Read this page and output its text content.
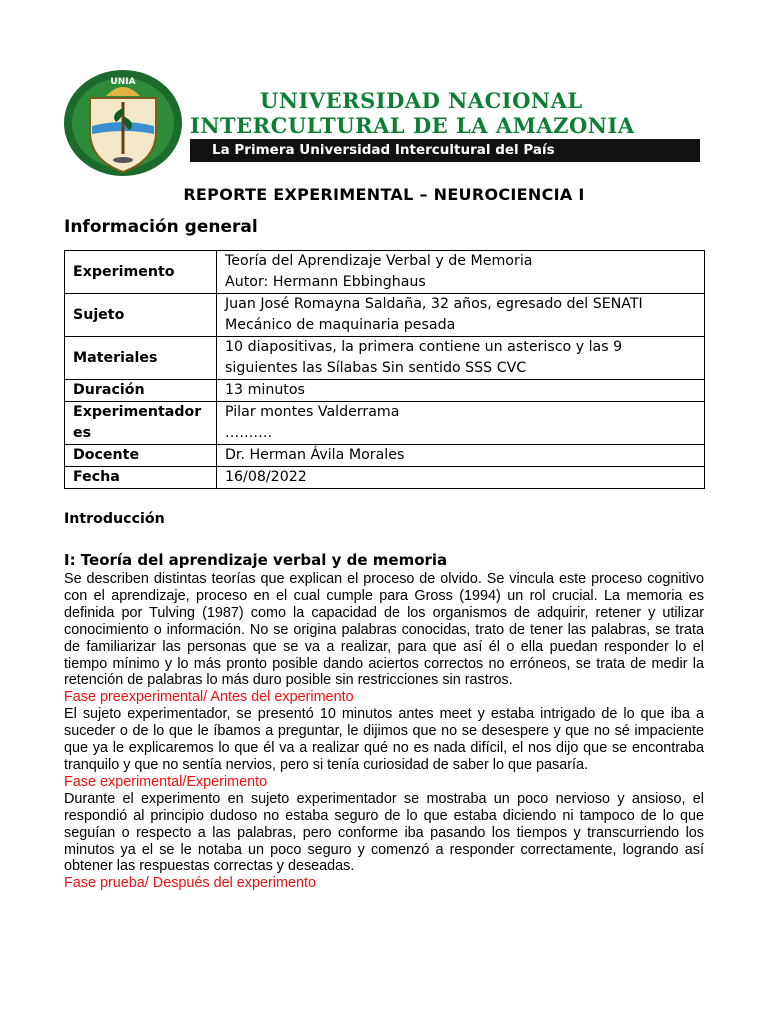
UNIA
UNIVERSIDAD NACIONAL
INTERCULTURAL DE LA AMAZONIA
La Primera Universidad Intercultural del País
REPORTE EXPERIMENTAL – NEUROCIENCIA I
Información general
Experimento	Teoría del Aprendizaje Verbal y de Memoria
Autor: Hermann Ebbinghaus

Sujeto	Juan José Romayna Saldaña, 32 años, egresado del SENATI
Mecánico de maquinaria pesada

Materiales	10 diapositivas, la primera contiene un asterisco y las 9
siguientes las Sílabas Sin sentido SSS CVC

Duración	13 minutos

Experimentadores	Pilar montes Valderrama
……….

Docente	Dr. Herman Ávila Morales

Fecha	16/08/2022
Introducción
I: Teoría del aprendizaje verbal y de memoria

Se describen distintas teorías que explican el proceso de olvido. Se vincula este proceso cognitivo con el aprendizaje, proceso en el cual cumple para Gross (1994) un rol crucial. La memoria es definida por Tulving (1987) como la capacidad de los organismos de adquirir, retener y utilizar conocimiento o información. No se origina palabras conocidas, trato de tener las palabras, se trata de familiarizar las personas que se va a realizar, para que así él o ella puedan responder lo el tiempo mínimo y lo más pronto posible dando aciertos correctos no erróneos, se trata de medir la retención de palabras lo más duro posible sin restricciones sin rastros.

Fase preexperimental/ Antes del experimento

El sujeto experimentador, se presentó 10 minutos antes meet y estaba intrigado de lo que iba a suceder o de lo que le íbamos a preguntar, le dijimos que no se desespere y que no sé impaciente que ya le explicaremos lo que él va a realizar qué no es nada difícil, el nos dijo que se encontraba tranquilo y que no sentía nervios, pero si tenía curiosidad de saber lo que pasaría.

Fase experimental/Experimento

Durante el experimento en sujeto experimentador se mostraba un poco nervioso y ansioso, el respondió al principio dudoso no estaba seguro de lo que estaba diciendo ni tampoco de lo que seguían o respecto a las palabras, pero conforme iba pasando los tiempos y transcurriendo los minutos ya el se le notaba un poco seguro y comenzó a responder correctamente, logrando así obtener las respuestas correctas y deseadas.

Fase prueba/ Después del experimento
